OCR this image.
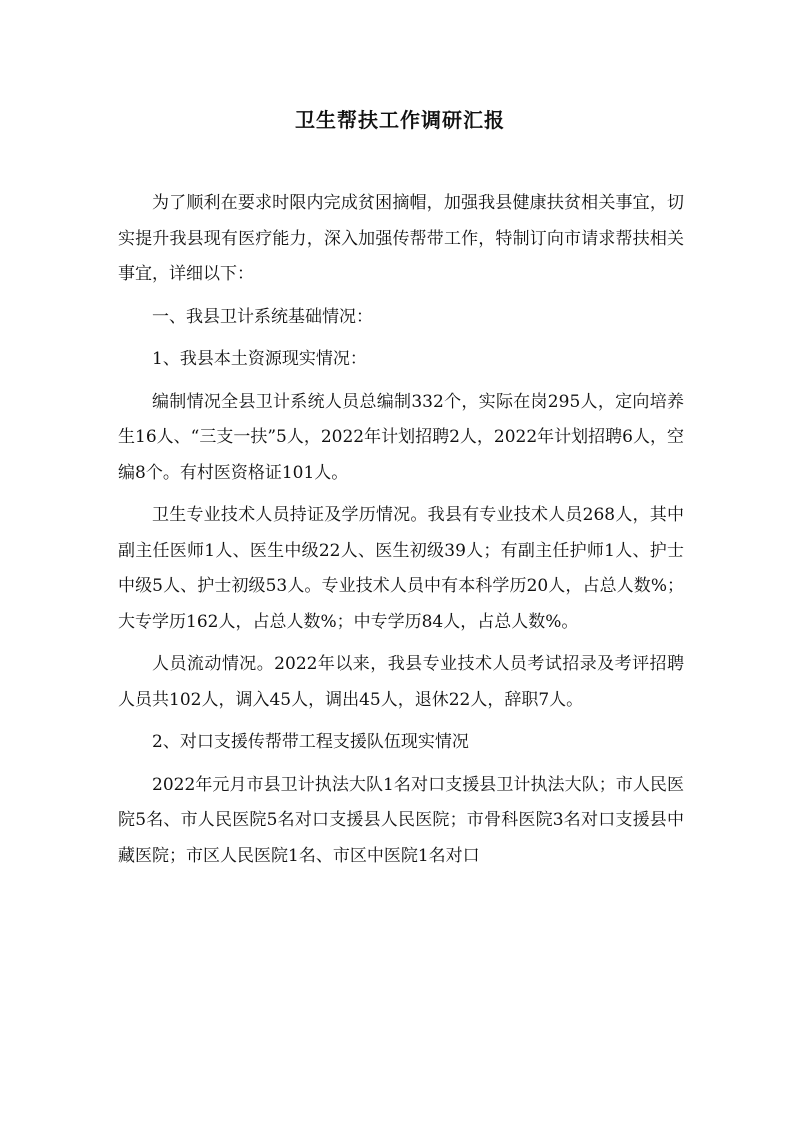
卫生帮扶工作调研汇报

为了顺利在要求时限内完成贫困摘帽，加强我县健康扶贫相关事宜，切实提升我县现有医疗能力，深入加强传帮带工作，特制订向市请求帮扶相关事宜，详细以下：

一、我县卫计系统基础情况：

1、我县本土资源现实情况：

编制情况全县卫计系统人员总编制332个，实际在岗295人，定向培养生16人、“三支一扶”5人，2022年计划招聘2人，2022年计划招聘6人，空编8个。有村医资格证101人。

卫生专业技术人员持证及学历情况。我县有专业技术人员268人，其中副主任医师1人、医生中级22人、医生初级39人；有副主任护师1人、护士中级5人、护士初级53人。专业技术人员中有本科学历20人，占总人数%；大专学历162人，占总人数%；中专学历84人，占总人数%。

人员流动情况。2022年以来，我县专业技术人员考试招录及考评招聘人员共102人，调入45人，调出45人，退休22人，辞职7人。

2、对口支援传帮带工程支援队伍现实情况

2022年元月市县卫计执法大队1名对口支援县卫计执法大队；市人民医院5名、市人民医院5名对口支援县人民医院；市骨科医院3名对口支援县中藏医院；市区人民医院1名、市区中医院1名对口
